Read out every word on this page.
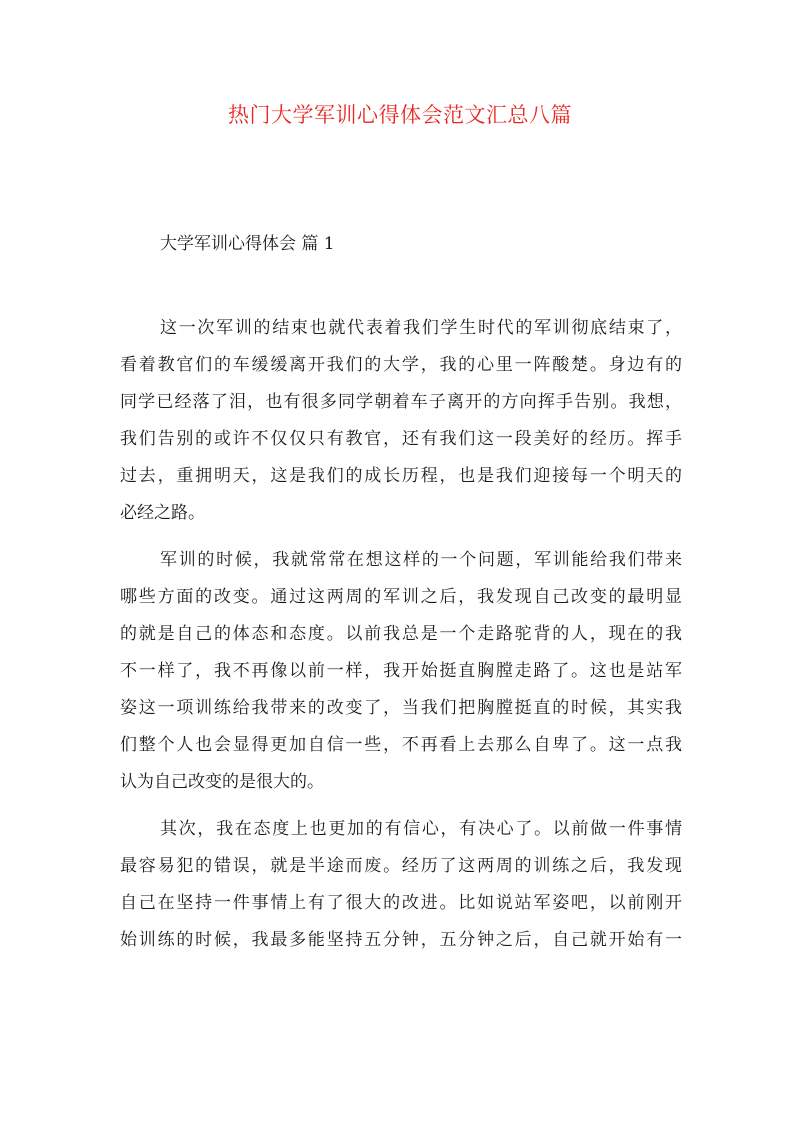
热门大学军训心得体会范文汇总八篇
大学军训心得体会 篇 1
这一次军训的结束也就代表着我们学生时代的军训彻底结束了，
看着教官们的车缓缓离开我们的大学，我的心里一阵酸楚。身边有的
同学已经落了泪，也有很多同学朝着车子离开的方向挥手告别。我想，
我们告别的或许不仅仅只有教官，还有我们这一段美好的经历。挥手
过去，重拥明天，这是我们的成长历程，也是我们迎接每一个明天的
必经之路。
军训的时候，我就常常在想这样的一个问题，军训能给我们带来
哪些方面的改变。通过这两周的军训之后，我发现自己改变的最明显
的就是自己的体态和态度。以前我总是一个走路驼背的人，现在的我
不一样了，我不再像以前一样，我开始挺直胸膛走路了。这也是站军
姿这一项训练给我带来的改变了，当我们把胸膛挺直的时候，其实我
们整个人也会显得更加自信一些，不再看上去那么自卑了。这一点我
认为自己改变的是很大的。
其次，我在态度上也更加的有信心，有决心了。以前做一件事情
最容易犯的错误，就是半途而废。经历了这两周的训练之后，我发现
自己在坚持一件事情上有了很大的改进。比如说站军姿吧，以前刚开
始训练的时候，我最多能坚持五分钟，五分钟之后，自己就开始有一
